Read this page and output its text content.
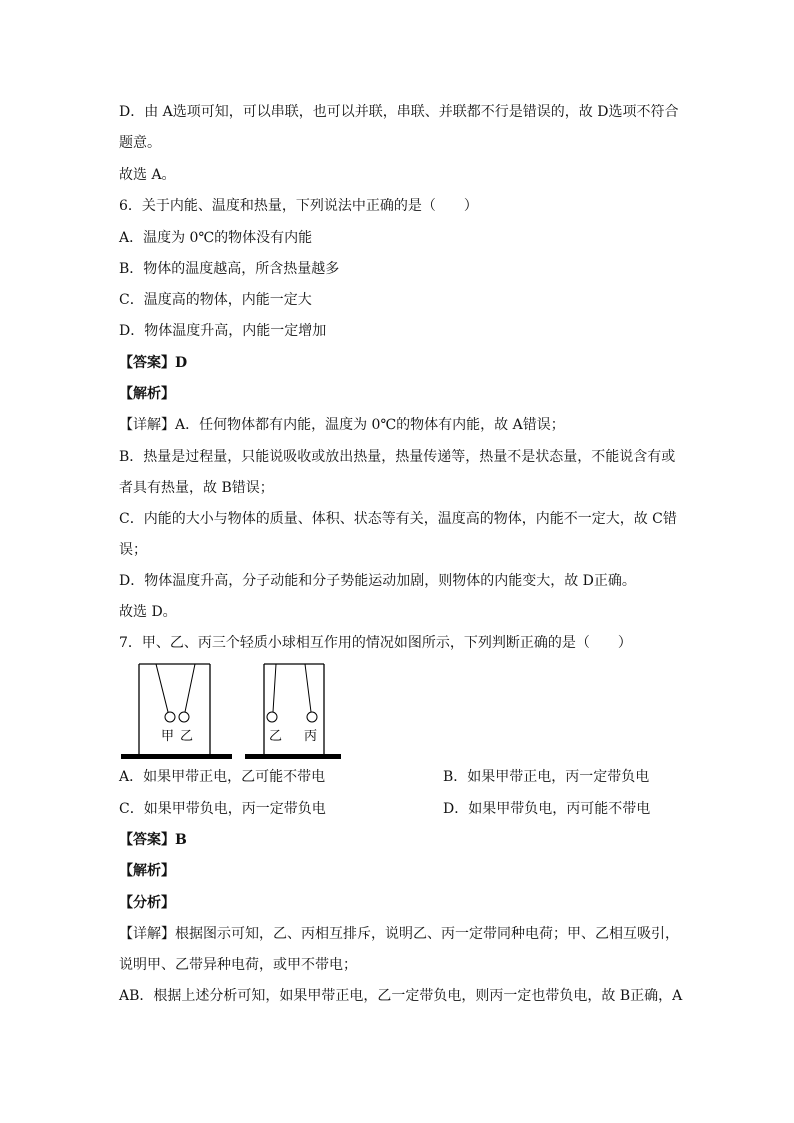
D．由 A选项可知，可以串联，也可以并联，串联、并联都不行是错误的，故 D选项不符合
题意。
故选 A。
6．关于内能、温度和热量，下列说法中正确的是（　　）
A．温度为 0℃的物体没有内能
B．物体的温度越高，所含热量越多
C．温度高的物体，内能一定大
D．物体温度升高，内能一定增加
【答案】D
【解析】
【详解】A．任何物体都有内能，温度为 0℃的物体有内能，故 A错误；
B．热量是过程量，只能说吸收或放出热量，热量传递等，热量不是状态量，不能说含有或
者具有热量，故 B错误；
C．内能的大小与物体的质量、体积、状态等有关，温度高的物体，内能不一定大，故 C错
误；
D．物体温度升高，分子动能和分子势能运动加剧，则物体的内能变大，故 D正确。
故选 D。
7．甲、乙、丙三个轻质小球相互作用的情况如图所示，下列判断正确的是（　　）
甲 乙	乙 丙
A．如果甲带正电，乙可能不带电	B．如果甲带正电，丙一定带负电
C．如果甲带负电，丙一定带负电	D．如果甲带负电，丙可能不带电
【答案】B
【解析】
【分析】
【详解】根据图示可知，乙、丙相互排斥，说明乙、丙一定带同种电荷；甲、乙相互吸引，
说明甲、乙带异种电荷，或甲不带电；
AB．根据上述分析可知，如果甲带正电，乙一定带负电，则丙一定也带负电，故 B正确，A
